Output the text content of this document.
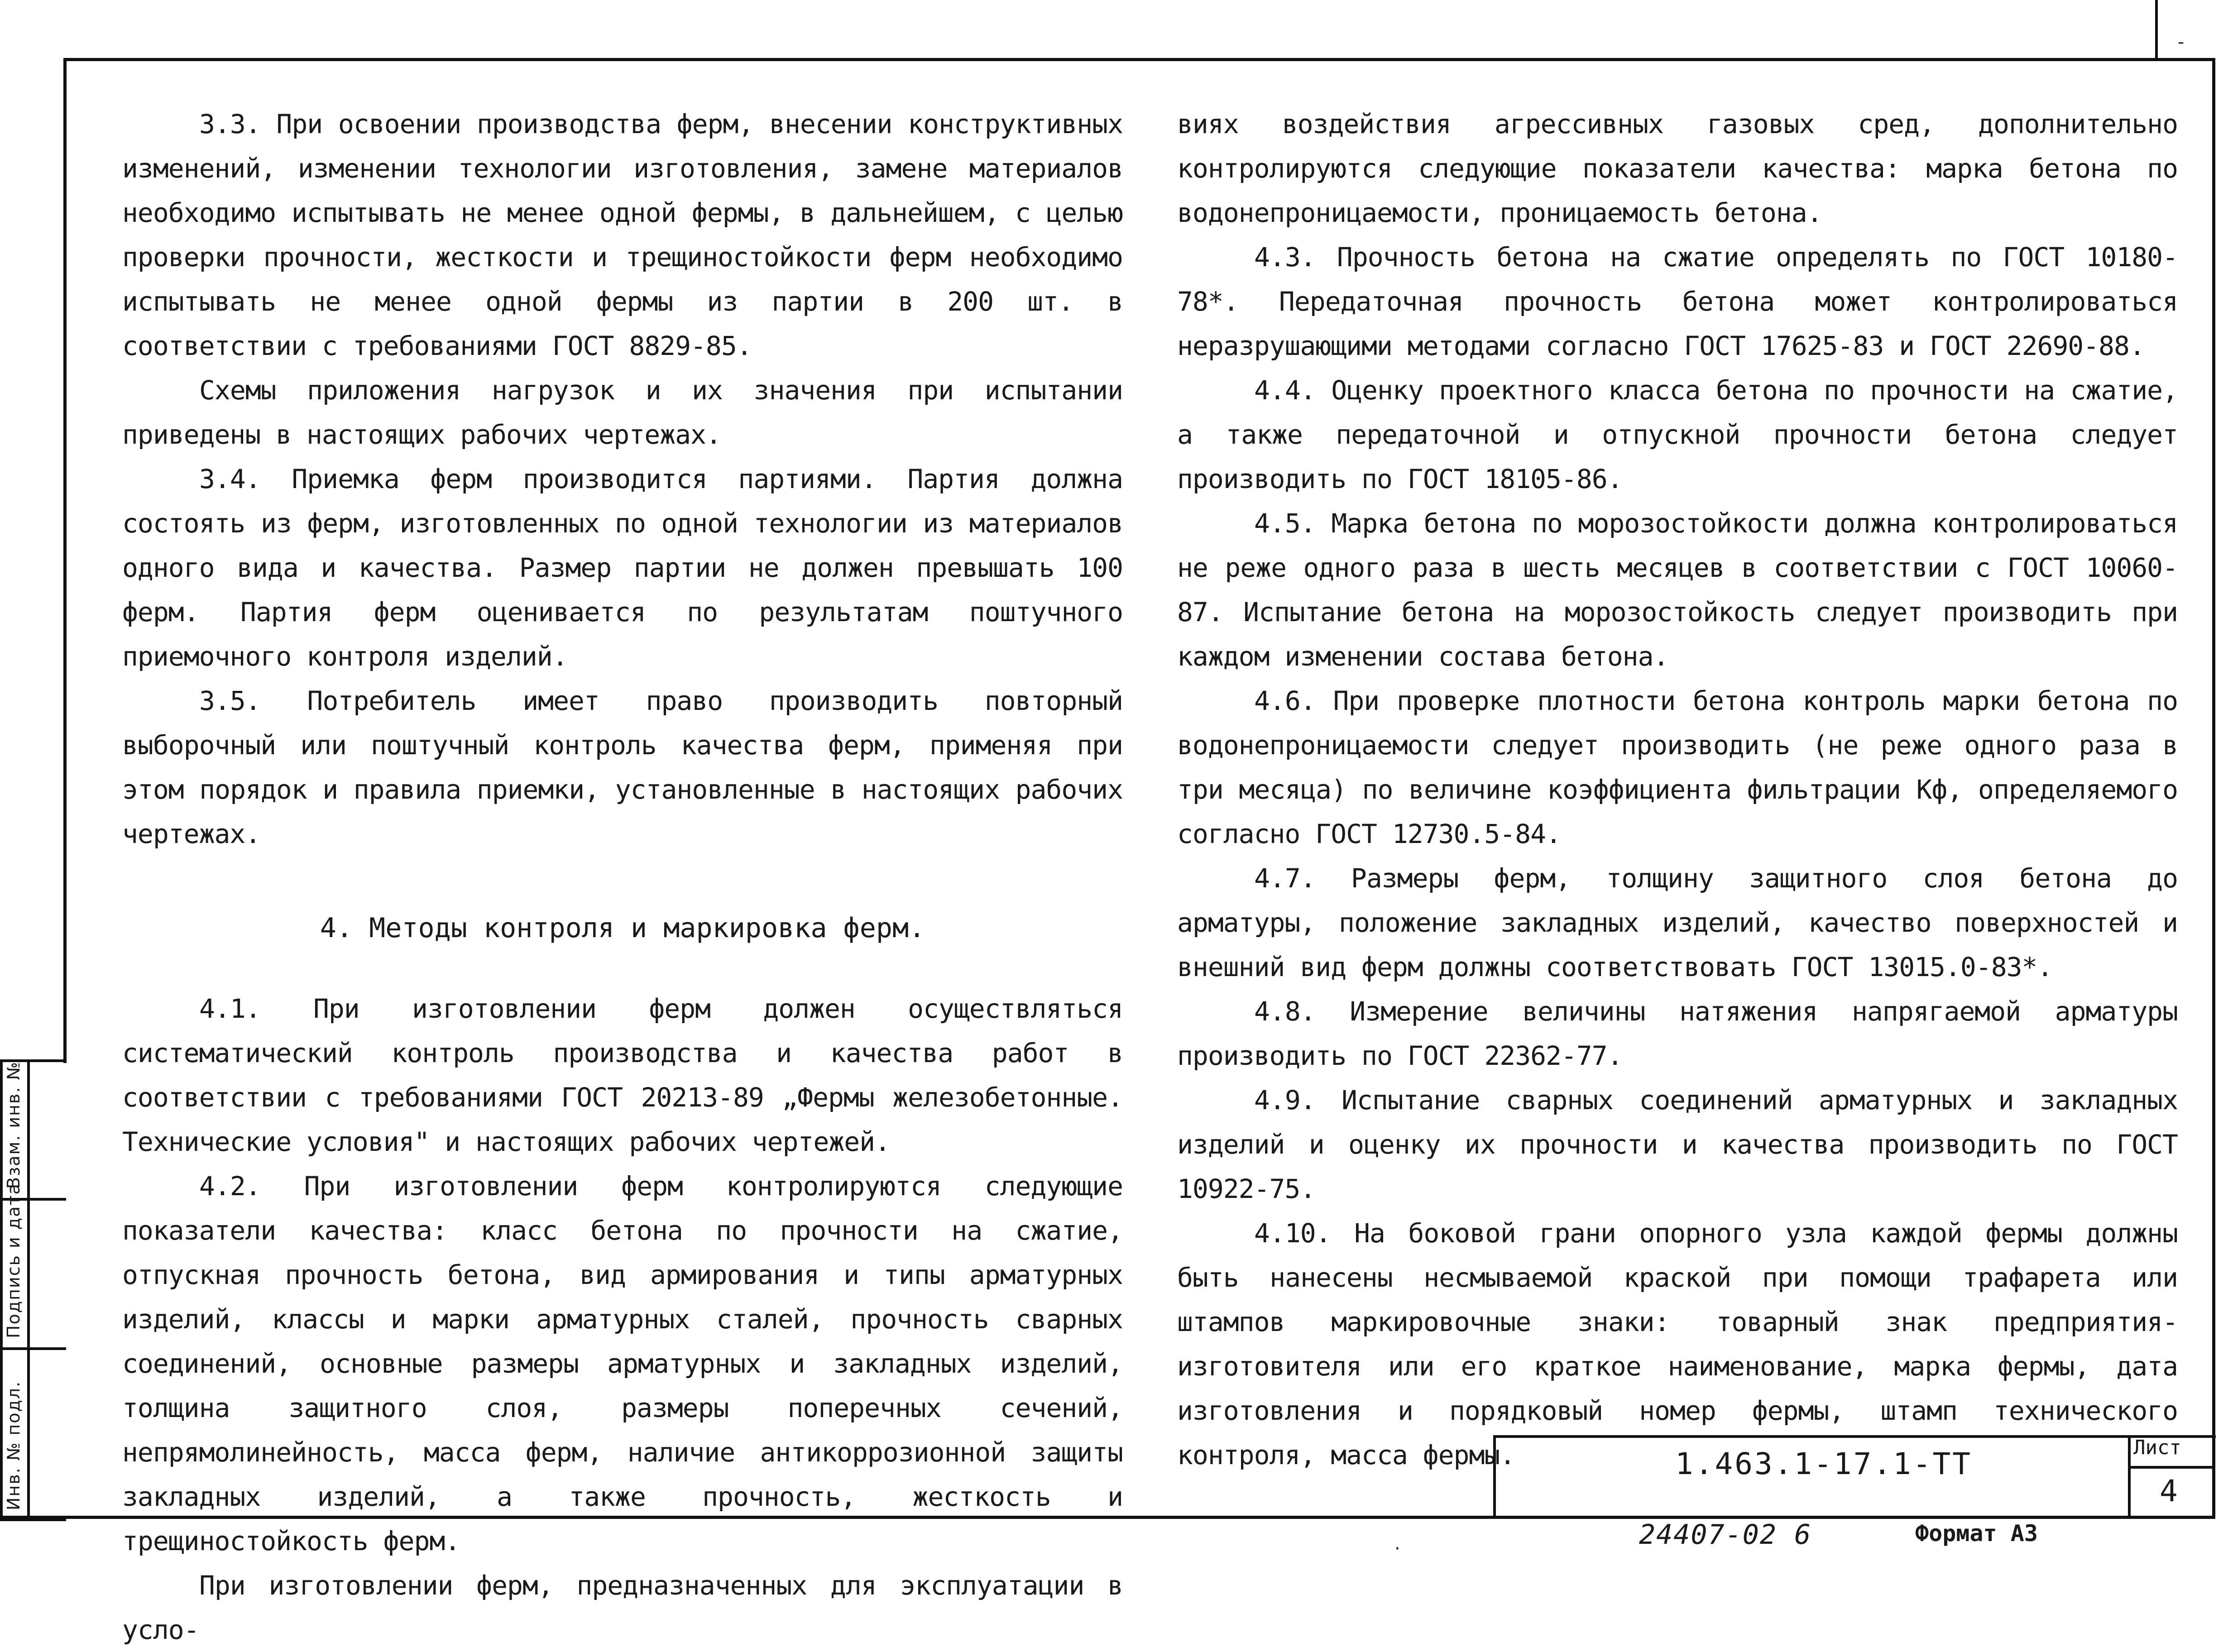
-
Взам. инв. №
Подпись и дата
Инв. № подл.

3.3. При освоении производства ферм, внесении конструктивных изменений, изменении технологии изготовления, замене материалов необходимо испытывать не менее одной фермы, в дальнейшем, с целью проверки прочности, жесткости и трещиностойкости ферм необходимо испытывать не менее одной фермы из партии в 200 шт. в соответствии с требованиями ГОСТ 8829-85.

Схемы приложения нагрузок и их значения при испытании приведены в настоящих рабочих чертежах.

3.4. Приемка ферм производится партиями. Партия должна состоять из ферм, изготовленных по одной технологии из материалов одного вида и качества. Размер партии не должен превышать 100 ферм. Партия ферм оценивается по результатам поштучного приемочного контроля изделий.

3.5. Потребитель имеет право производить повторный выборочный или поштучный контроль качества ферм, применяя при этом порядок и правила приемки, установленные в настоящих рабочих чертежах.

4. Методы контроля и маркировка ферм.

4.1. При изготовлении ферм должен осуществляться систематический контроль производства и качества работ в соответствии с требованиями ГОСТ 20213-89 „Фермы железобетонные. Технические условия" и настоящих рабочих чертежей.

4.2. При изготовлении ферм контролируются следующие показатели качества: класс бетона по прочности на сжатие, отпускная прочность бетона, вид армирования и типы арматурных изделий, классы и марки арматурных сталей, прочность сварных соединений, основные размеры арматурных и закладных изделий, толщина защитного слоя, размеры поперечных сечений, непрямолинейность, масса ферм, наличие антикоррозионной защиты закладных изделий, а также прочность, жесткость и трещиностойкость ферм.

При изготовлении ферм, предназначенных для эксплуатации в усло-

виях воздействия агрессивных газовых сред, дополнительно контролируются следующие показатели качества: марка бетона по водонепроницаемости, проницаемость бетона.

4.3. Прочность бетона на сжатие определять по ГОСТ 10180-78*. Передаточная прочность бетона может контролироваться неразрушающими методами согласно ГОСТ 17625-83 и ГОСТ 22690-88.

4.4. Оценку проектного класса бетона по прочности на сжатие, а также передаточной и отпускной прочности бетона следует производить по ГОСТ 18105-86.

4.5. Марка бетона по морозостойкости должна контролироваться не реже одного раза в шесть месяцев в соответствии с ГОСТ 10060-87. Испытание бетона на морозостойкость следует производить при каждом изменении состава бетона.

4.6. При проверке плотности бетона контроль марки бетона по водонепроницаемости следует производить (не реже одного раза в три месяца) по величине коэффициента фильтрации Кф, определяемого согласно ГОСТ 12730.5-84.

4.7. Размеры ферм, толщину защитного слоя бетона до арматуры, положение закладных изделий, качество поверхностей и внешний вид ферм должны соответствовать ГОСТ 13015.0-83*.

4.8. Измерение величины натяжения напрягаемой арматуры производить по ГОСТ 22362-77.

4.9. Испытание сварных соединений арматурных и закладных изделий и оценку их прочности и качества производить по ГОСТ 10922-75.

4.10. На боковой грани опорного узла каждой фермы должны быть нанесены несмываемой краской при помощи трафарета или штампов маркировочные знаки: товарный знак предприятия-изготовителя или его краткое наименование, марка фермы, дата изготовления и порядковый номер фермы, штамп технического контроля, масса фермы.	1.463.1-17.1-ТТ	Лист
4
24407-02 6	Формат А3
·
